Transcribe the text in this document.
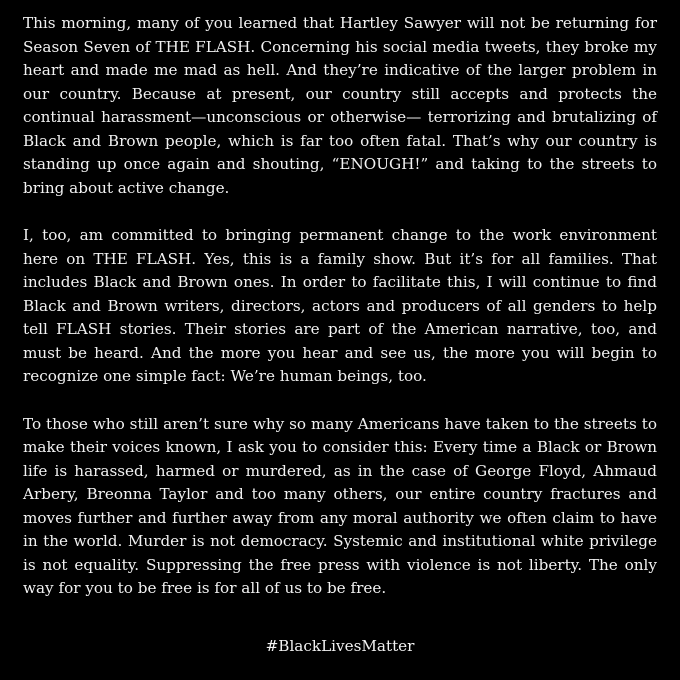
This morning, many of you learned that Hartley Sawyer will not be returning for Season Seven of THE FLASH. Concerning his social media tweets, they broke my heart and made me mad as hell. And they’re indicative of the larger problem in our country. Because at present, our country still accepts and protects the continual harassment—unconscious or otherwise— terrorizing and brutalizing of Black and Brown people, which is far too often fatal. That’s why our country is standing up once again and shouting, “ENOUGH!” and taking to the streets to bring about active change.

I, too, am committed to bringing permanent change to the work environment here on THE FLASH. Yes, this is a family show. But it’s for all families. That includes Black and Brown ones. In order to facilitate this, I will continue to find Black and Brown writers, directors, actors and producers of all genders to help tell FLASH stories. Their stories are part of the American narrative, too, and must be heard. And the more you hear and see us, the more you will begin to recognize one simple fact: We’re human beings, too.

To those who still aren’t sure why so many Americans have taken to the streets to make their voices known, I ask you to consider this: Every time a Black or Brown life is harassed, harmed or murdered, as in the case of George Floyd, Ahmaud Arbery, Breonna Taylor and too many others, our entire country fractures and moves further and further away from any moral authority we often claim to have in the world. Murder is not democracy. Systemic and institutional white privilege is not equality. Suppressing the free press with violence is not liberty. The only way for you to be free is for all of us to be free.

#BlackLivesMatter
